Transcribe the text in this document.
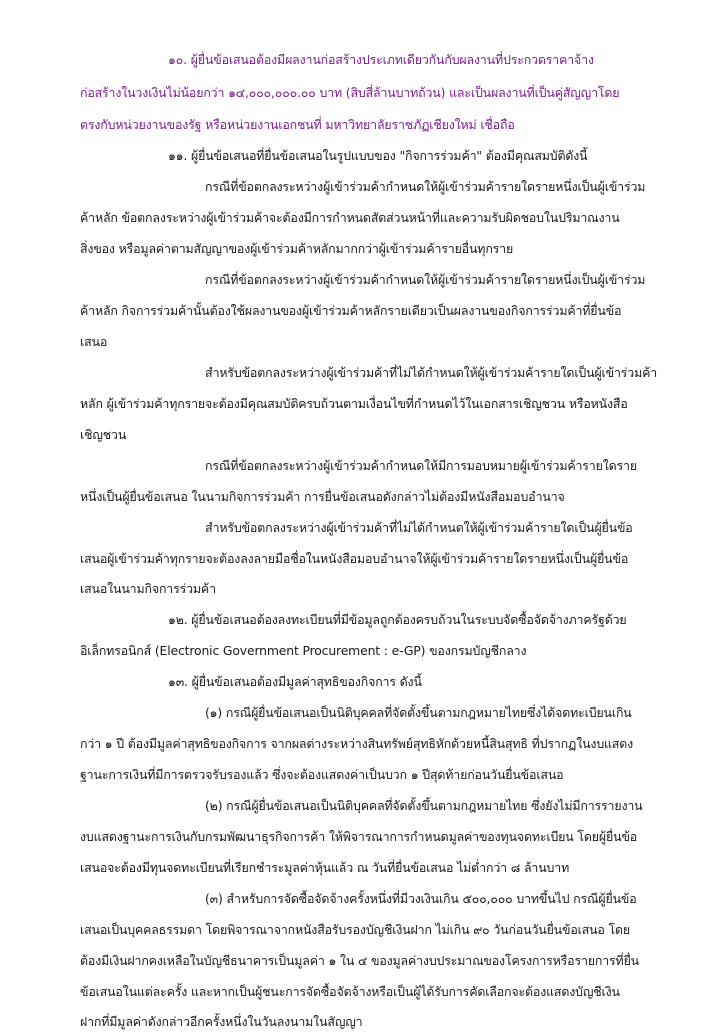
๑๐. ผู้ยื่นข้อเสนอต้องมีผลงานก่อสร้างประเภทเดียวกันกับผลงานที่ประกวดราคาจ้าง
ก่อสร้างในวงเงินไม่น้อยกว่า ๑๔,๐๐๐,๐๐๐.๐๐ บาท (สิบสี่ล้านบาทถ้วน) และเป็นผลงานที่เป็นคู่สัญญาโดย
ตรงกับหน่วยงานของรัฐ หรือหน่วยงานเอกชนที่ มหาวิทยาลัยราชภัฏเชียงใหม่ เชื่อถือ
๑๑. ผู้ยื่นข้อเสนอที่ยื่นข้อเสนอในรูปแบบของ "กิจการร่วมค้า" ต้องมีคุณสมบัติดังนี้
กรณีที่ข้อตกลงระหว่างผู้เข้าร่วมค้ากำหนดให้ผู้เข้าร่วมค้ารายใดรายหนึ่งเป็นผู้เข้าร่วม
ค้าหลัก ข้อตกลงระหว่างผู้เข้าร่วมค้าจะต้องมีการกำหนดสัดส่วนหน้าที่และความรับผิดชอบในปริมาณงาน
สิ่งของ หรือมูลค่าตามสัญญาของผู้เข้าร่วมค้าหลักมากกว่าผู้เข้าร่วมค้ารายอื่นทุกราย
กรณีที่ข้อตกลงระหว่างผู้เข้าร่วมค้ากำหนดให้ผู้เข้าร่วมค้ารายใดรายหนึ่งเป็นผู้เข้าร่วม
ค้าหลัก กิจการร่วมค้านั้นต้องใช้ผลงานของผู้เข้าร่วมค้าหลักรายเดียวเป็นผลงานของกิจการร่วมค้าที่ยื่นข้อ
เสนอ
สำหรับข้อตกลงระหว่างผู้เข้าร่วมค้าที่ไม่ได้กำหนดให้ผู้เข้าร่วมค้ารายใดเป็นผู้เข้าร่วมค้า
หลัก ผู้เข้าร่วมค้าทุกรายจะต้องมีคุณสมบัติครบถ้วนตามเงื่อนไขที่กำหนดไว้ในเอกสารเชิญชวน หรือหนังสือ
เชิญชวน
กรณีที่ข้อตกลงระหว่างผู้เข้าร่วมค้ากำหนดให้มีการมอบหมายผู้เข้าร่วมค้ารายใดราย
หนึ่งเป็นผู้ยื่นข้อเสนอ ในนามกิจการร่วมค้า การยื่นข้อเสนอดังกล่าวไม่ต้องมีหนังสือมอบอำนาจ
สำหรับข้อตกลงระหว่างผู้เข้าร่วมค้าที่ไม่ได้กำหนดให้ผู้เข้าร่วมค้ารายใดเป็นผู้ยื่นข้อ
เสนอผู้เข้าร่วมค้าทุกรายจะต้องลงลายมือชื่อในหนังสือมอบอำนาจให้ผู้เข้าร่วมค้ารายใดรายหนึ่งเป็นผู้ยื่นข้อ
เสนอในนามกิจการร่วมค้า
๑๒. ผู้ยื่นข้อเสนอต้องลงทะเบียนที่มีข้อมูลถูกต้องครบถ้วนในระบบจัดซื้อจัดจ้างภาครัฐด้วย
อิเล็กทรอนิกส์ (Electronic Government Procurement : e-GP) ของกรมบัญชีกลาง
๑๓. ผู้ยื่นข้อเสนอต้องมีมูลค่าสุทธิของกิจการ ดังนี้
(๑) กรณีผู้ยื่นข้อเสนอเป็นนิติบุคคลที่จัดตั้งขึ้นตามกฎหมายไทยซึ่งได้จดทะเบียนเกิน
กว่า ๑ ปี ต้องมีมูลค่าสุทธิของกิจการ จากผลต่างระหว่างสินทรัพย์สุทธิหักด้วยหนี้สินสุทธิ ที่ปรากฏในงบแสดง
ฐานะการเงินที่มีการตรวจรับรองแล้ว ซึ่งจะต้องแสดงค่าเป็นบวก ๑ ปีสุดท้ายก่อนวันยื่นข้อเสนอ
(๒) กรณีผู้ยื่นข้อเสนอเป็นนิติบุคคลที่จัดตั้งขึ้นตามกฎหมายไทย ซึ่งยังไม่มีการรายงาน
งบแสดงฐานะการเงินกับกรมพัฒนาธุรกิจการค้า ให้พิจารณาการกำหนดมูลค่าของทุนจดทะเบียน โดยผู้ยื่นข้อ
เสนอจะต้องมีทุนจดทะเบียนที่เรียกชำระมูลค่าหุ้นแล้ว ณ วันที่ยื่นข้อเสนอ ไม่ต่ำกว่า ๘ ล้านบาท
(๓) สำหรับการจัดซื้อจัดจ้างครั้งหนึ่งที่มีวงเงินเกิน ๕๐๐,๐๐๐ บาทขึ้นไป กรณีผู้ยื่นข้อ
เสนอเป็นบุคคลธรรมดา โดยพิจารณาจากหนังสือรับรองบัญชีเงินฝาก ไม่เกิน ๙๐ วันก่อนวันยื่นข้อเสนอ โดย
ต้องมีเงินฝากคงเหลือในบัญชีธนาคารเป็นมูลค่า ๑ ใน ๔ ของมูลค่างบประมาณของโครงการหรือรายการที่ยื่น
ข้อเสนอในแต่ละครั้ง และหากเป็นผู้ชนะการจัดซื้อจัดจ้างหรือเป็นผู้ได้รับการคัดเลือกจะต้องแสดงบัญชีเงิน
ฝากที่มีมูลค่าดังกล่าวอีกครั้งหนึ่งในวันลงนามในสัญญา
